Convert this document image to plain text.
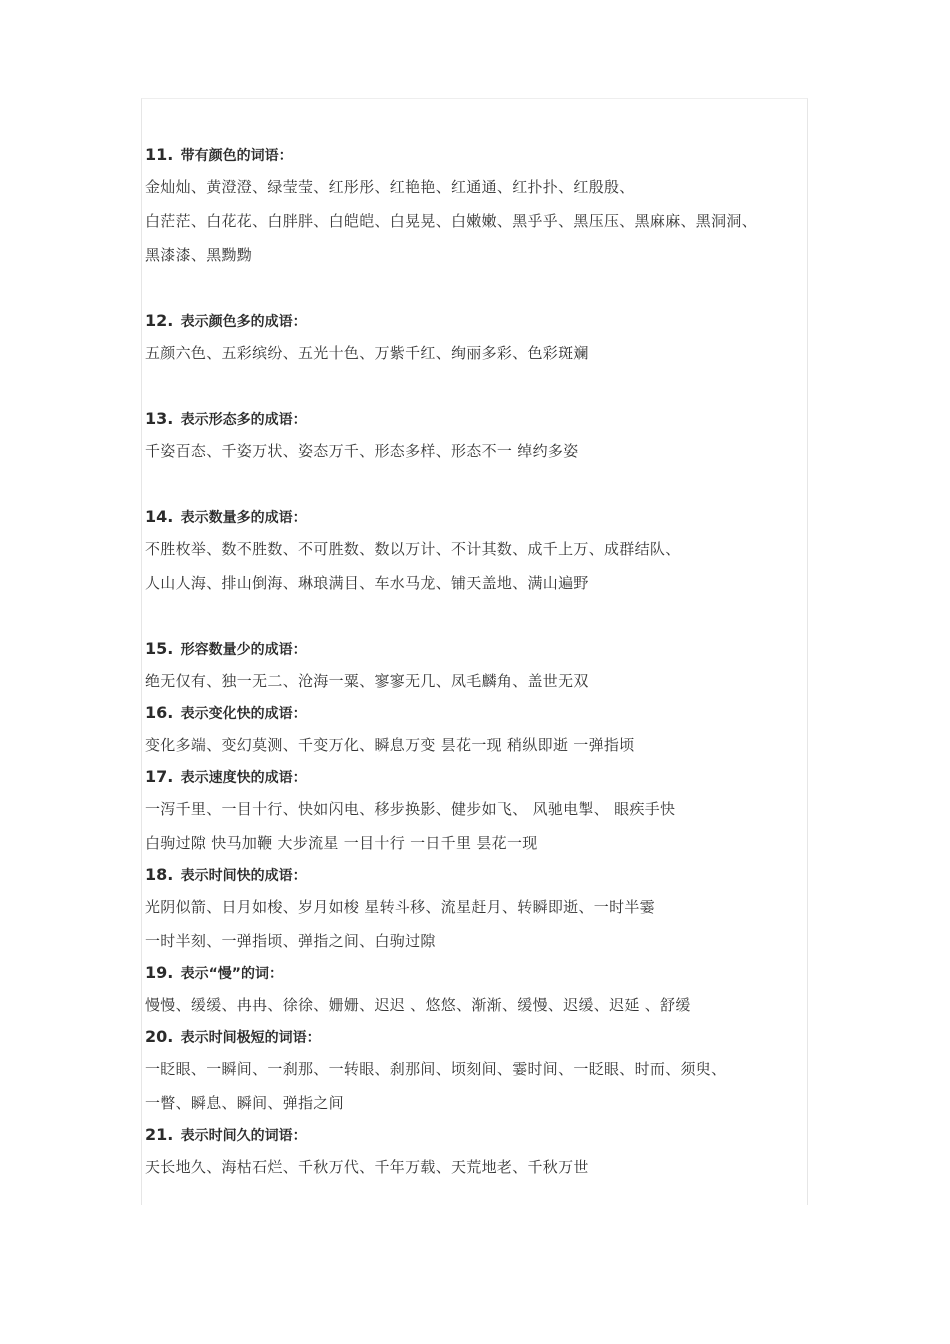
11. 带有颜色的词语：
金灿灿、黄澄澄、绿莹莹、红彤彤、红艳艳、红通通、红扑扑、红殷殷、
白茫茫、白花花、白胖胖、白皑皑、白晃晃、白嫩嫩、黑乎乎、黑压压、黑麻麻、黑洞洞、
黑漆漆、黑黝黝
12. 表示颜色多的成语：
五颜六色、五彩缤纷、五光十色、万紫千红、绚丽多彩、色彩斑斓
13. 表示形态多的成语：
千姿百态、千姿万状、姿态万千、形态多样、形态不一 绰约多姿
14. 表示数量多的成语：
不胜枚举、数不胜数、不可胜数、数以万计、不计其数、成千上万、成群结队、
人山人海、排山倒海、琳琅满目、车水马龙、铺天盖地、满山遍野
15. 形容数量少的成语：
绝无仅有、独一无二、沧海一粟、寥寥无几、凤毛麟角、盖世无双
16. 表示变化快的成语：
变化多端、变幻莫测、千变万化、瞬息万变 昙花一现 稍纵即逝 一弹指顷
17. 表示速度快的成语：
一泻千里、一目十行、快如闪电、移步换影、健步如飞、 风驰电掣、 眼疾手快
白驹过隙 快马加鞭 大步流星 一目十行 一日千里 昙花一现
18. 表示时间快的成语：
光阴似箭、日月如梭、岁月如梭 星转斗移、流星赶月、转瞬即逝、一时半霎
一时半刻、一弹指顷、弹指之间、白驹过隙
19. 表示“慢”的词：
慢慢、缓缓、冉冉、徐徐、姗姗、迟迟 、悠悠、渐渐、缓慢、迟缓、迟延 、舒缓
20. 表示时间极短的词语：
一眨眼、一瞬间、一刹那、一转眼、刹那间、顷刻间、霎时间、一眨眼、时而、须臾、
一瞥、瞬息、瞬间、弹指之间
21. 表示时间久的词语：
天长地久、海枯石烂、千秋万代、千年万载、天荒地老、千秋万世
